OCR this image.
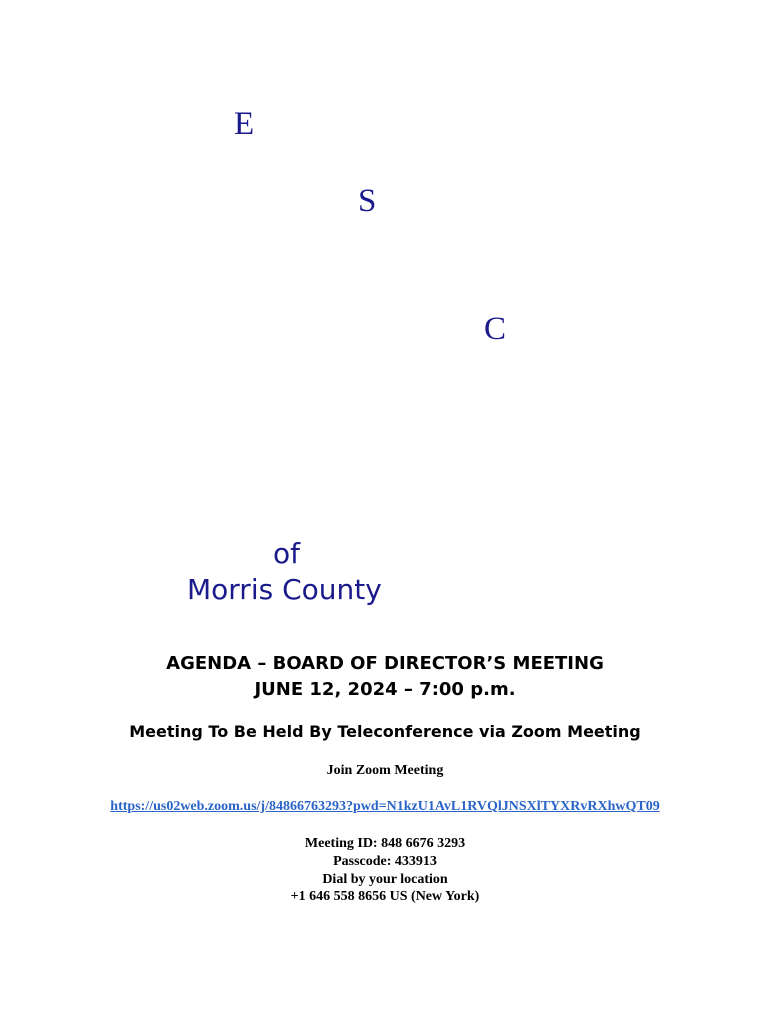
E
S
C
of
Morris County
AGENDA – BOARD OF DIRECTOR’S MEETING
JUNE 12, 2024 – 7:00 p.m.
Meeting To Be Held By Teleconference via Zoom Meeting
Join Zoom Meeting
https://us02web.zoom.us/j/84866763293?pwd=N1kzU1AvL1RVQlJNSXlTYXRvRXhwQT09
Meeting ID: 848 6676 3293
Passcode: 433913
Dial by your location
+1 646 558 8656 US (New York)
